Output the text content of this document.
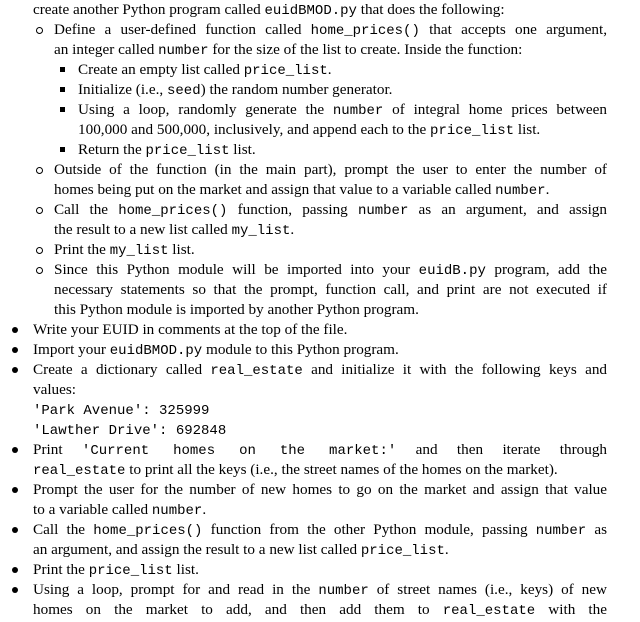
create another Python program called euidBMOD.py that does the following:
Define a user-defined function called home_prices() that accepts one argument,
an integer called number for the size of the list to create. Inside the function:
Create an empty list called price_list.
Initialize (i.e., seed) the random number generator.
Using a loop, randomly generate the number of integral home prices between
100,000 and 500,000, inclusively, and append each to the price_list list.
Return the price_list list.
Outside of the function (in the main part), prompt the user to enter the number of
homes being put on the market and assign that value to a variable called number.
Call the home_prices() function, passing number as an argument, and assign
the result to a new list called my_list.
Print the my_list list.
Since this Python module will be imported into your euidB.py program, add the
necessary statements so that the prompt, function call, and print are not executed if
this Python module is imported by another Python program.
Write your EUID in comments at the top of the file.
Import your euidBMOD.py module to this Python program.
Create a dictionary called real_estate and initialize it with the following keys and
values:
'Park Avenue': 325999
'Lawther Drive': 692848
Print 'Current homes on the market:' and then iterate through
real_estate to print all the keys (i.e., the street names of the homes on the market).
Prompt the user for the number of new homes to go on the market and assign that value
to a variable called number.
Call the home_prices() function from the other Python module, passing number as
an argument, and assign the result to a new list called price_list.
Print the price_list list.
Using a loop, prompt for and read in the number of street names (i.e., keys) of new
homes on the market to add, and then add them to real_estate with the
